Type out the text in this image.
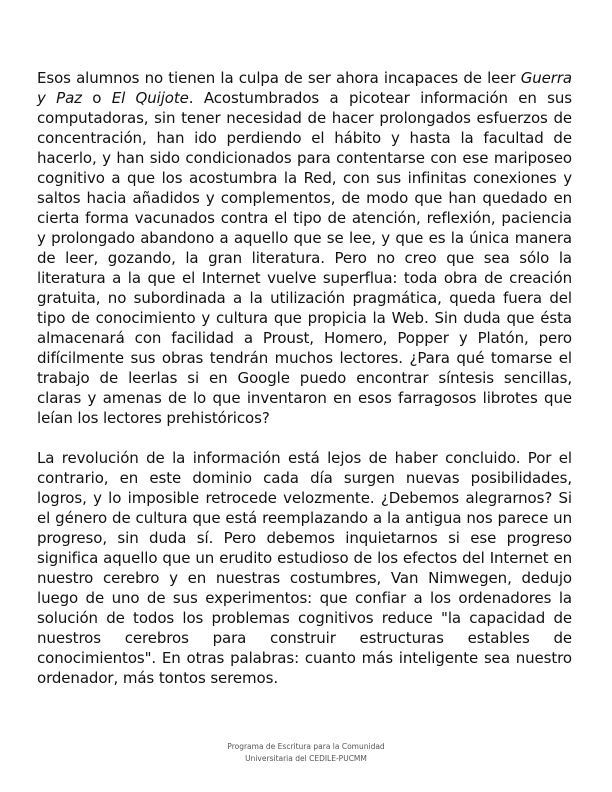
Esos alumnos no tienen la culpa de ser ahora incapaces de leer Guerra y Paz o El Quijote. Acostumbrados a picotear información en sus computadoras, sin tener necesidad de hacer prolongados esfuerzos de concentración, han ido perdiendo el hábito y hasta la facultad de hacerlo, y han sido condicionados para contentarse con ese mariposeo cognitivo a que los acostumbra la Red, con sus infinitas conexiones y saltos hacia añadidos y complementos, de modo que han quedado en cierta forma vacunados contra el tipo de atención, reflexión, paciencia y prolongado abandono a aquello que se lee, y que es la única manera de leer, gozando, la gran literatura. Pero no creo que sea sólo la literatura a la que el Internet vuelve superflua: toda obra de creación gratuita, no subordinada a la utilización pragmática, queda fuera del tipo de conocimiento y cultura que propicia la Web. Sin duda que ésta almacenará con facilidad a Proust, Homero, Popper y Platón, pero difícilmente sus obras tendrán muchos lectores. ¿Para qué tomarse el trabajo de leerlas si en Google puedo encontrar síntesis sencillas, claras y amenas de lo que inventaron en esos farragosos librotes que leían los lectores prehistóricos?

La revolución de la información está lejos de haber concluido. Por el contrario, en este dominio cada día surgen nuevas posibilidades, logros, y lo imposible retrocede velozmente. ¿Debemos alegrarnos? Si el género de cultura que está reemplazando a la antigua nos parece un progreso, sin duda sí. Pero debemos inquietarnos si ese progreso significa aquello que un erudito estudioso de los efectos del Internet en nuestro cerebro y en nuestras costumbres, Van Nimwegen, dedujo luego de uno de sus experimentos: que confiar a los ordenadores la solución de todos los problemas cognitivos reduce "la capacidad de nuestros cerebros para construir estructuras estables de conocimientos". En otras palabras: cuanto más inteligente sea nuestro ordenador, más tontos seremos.

Programa de Escritura para la Comunidad
Universitaria del CEDILE-PUCMM
